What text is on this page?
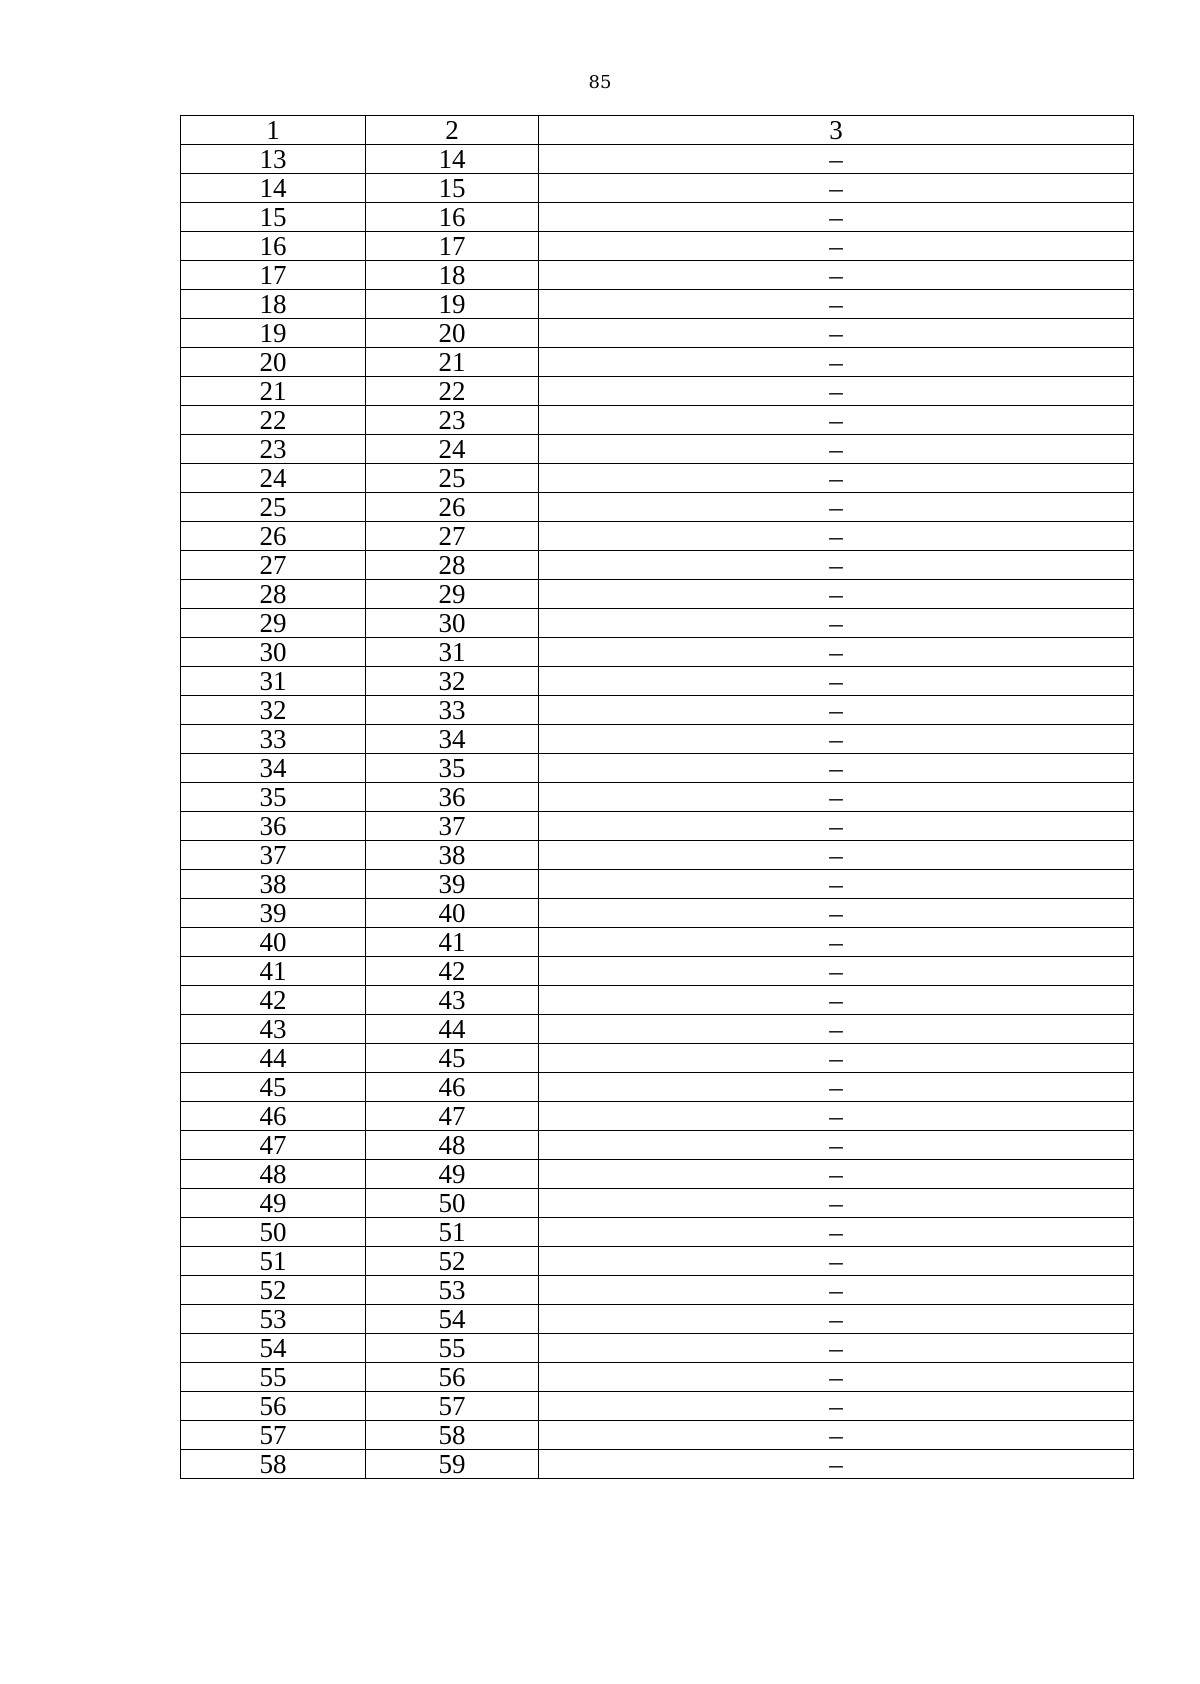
85
1	2	3
13	14	–
14	15	–
15	16	–
16	17	–
17	18	–
18	19	–
19	20	–
20	21	–
21	22	–
22	23	–
23	24	–
24	25	–
25	26	–
26	27	–
27	28	–
28	29	–
29	30	–
30	31	–
31	32	–
32	33	–
33	34	–
34	35	–
35	36	–
36	37	–
37	38	–
38	39	–
39	40	–
40	41	–
41	42	–
42	43	–
43	44	–
44	45	–
45	46	–
46	47	–
47	48	–
48	49	–
49	50	–
50	51	–
51	52	–
52	53	–
53	54	–
54	55	–
55	56	–
56	57	–
57	58	–
58	59	–
